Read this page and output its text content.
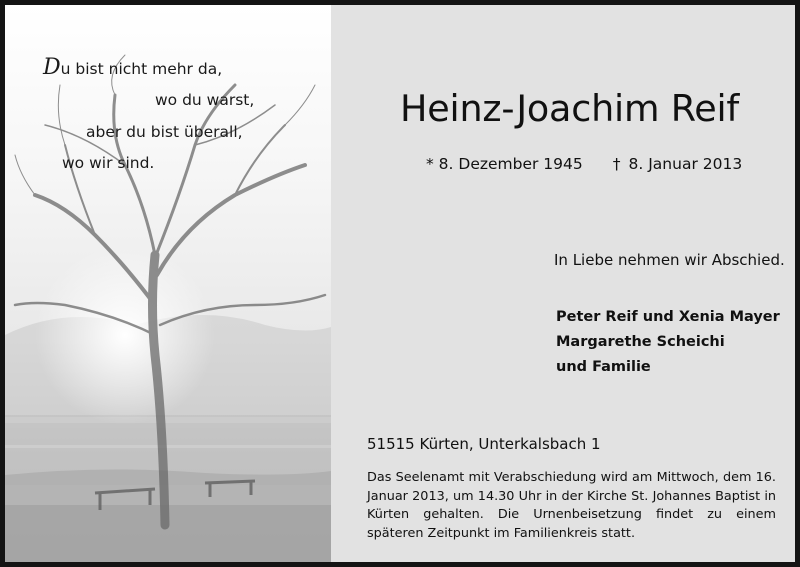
Du bist nicht mehr da,
wo du warst,
aber du bist überall,
wo wir sind.
Heinz-Joachim Reif
* 8. Dezember 1945 † 8. Januar 2013
In Liebe nehmen wir Abschied.
Peter Reif und Xenia Mayer
Margarethe Scheichi
und Familie
51515 Kürten, Unterkalsbach 1
Das Seelenamt mit Verabschiedung wird am Mittwoch, dem 16. Januar 2013, um 14.30 Uhr in der Kirche St. Johannes Baptist in Kürten gehalten. Die Urnenbeisetzung findet zu einem späteren Zeitpunkt im Familienkreis statt.
